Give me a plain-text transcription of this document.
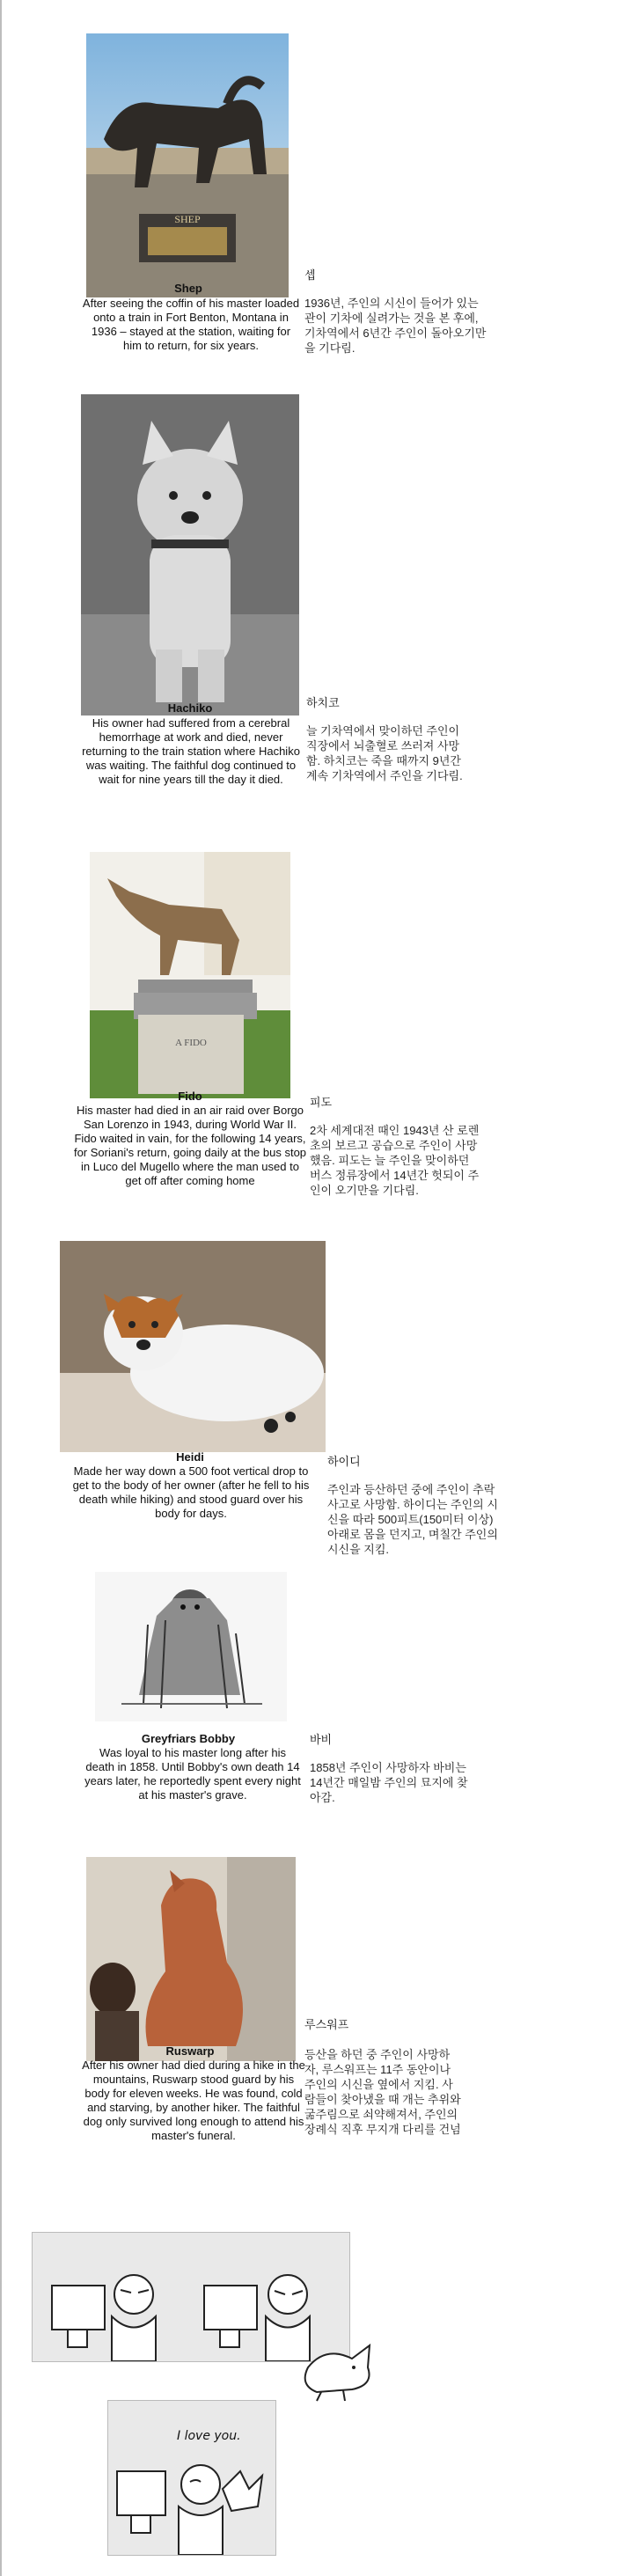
SHEP
Shep
After seeing the coffin of his master loaded onto a train in Fort Benton, Montana in 1936 – stayed at the station, waiting for him to return, for six years.
셉
1936년, 주인의 시신이 들어가 있는 관이 기차에 실려가는 것을 본 후에, 기차역에서 6년간 주인이 돌아오기만을 기다림.
Hachiko
His owner had suffered from a cerebral hemorrhage at work and died, never returning to the train station where Hachiko was waiting. The faithful dog continued to wait for nine years till the day it died.
하치코
늘 기차역에서 맞이하던 주인이 직장에서 뇌출혈로 쓰러져 사망함. 하치코는 죽을 때까지 9년간 계속 기차역에서 주인을 기다림.
A FIDO
Fido
His master had died in an air raid over Borgo San Lorenzo in 1943, during World War II. Fido waited in vain, for the following 14 years, for Soriani's return, going daily at the bus stop in Luco del Mugello where the man used to get off after coming home
피도
2차 세계대전 때인 1943년 산 로렌초의 보르고 공습으로 주인이 사망했음. 피도는 늘 주인을 맞이하던 버스 정류장에서 14년간 헛되이 주인이 오기만을 기다림.
Heidi
Made her way down a 500 foot vertical drop to get to the body of her owner (after he fell to his death while hiking) and stood guard over his body for days.
하이디
주인과 등산하던 중에 주인이 추락 사고로 사망함. 하이디는 주인의 시신을 따라 500피트(150미터 이상) 아래로 몸을 던지고, 며칠간 주인의 시신을 지킴.
Greyfriars Bobby
Was loyal to his master long after his death in 1858. Until Bobby's own death 14 years later, he reportedly spent every night at his master's grave.
바비
1858년 주인이 사망하자 바비는 14년간 매일밤 주인의 묘지에 찾아감.
Ruswarp
After his owner had died during a hike in the mountains, Ruswarp stood guard by his body for eleven weeks. He was found, cold and starving, by another hiker. The faithful dog only survived long enough to attend his master's funeral.
루스워프
등산을 하던 중 주인이 사망하자, 루스워프는 11주 동안이나 주인의 시신을 옆에서 지킴. 사람들이 찾아냈을 때 개는 추위와 굶주림으로 쇠약해져서, 주인의 장례식 직후 무지개 다리를 건넘
I love you.
